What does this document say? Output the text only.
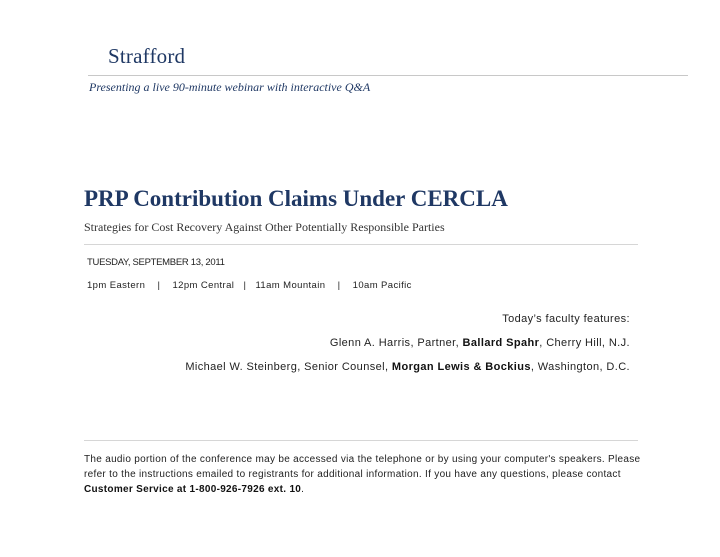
Strafford
Presenting a live 90-minute webinar with interactive Q&A
PRP Contribution Claims Under CERCLA
Strategies for Cost Recovery Against Other Potentially Responsible Parties
TUESDAY, SEPTEMBER 13, 2011
1pm Eastern | 12pm Central | 11am Mountain | 10am Pacific
Today’s faculty features:
Glenn A. Harris, Partner, Ballard Spahr, Cherry Hill, N.J.
Michael W. Steinberg, Senior Counsel, Morgan Lewis & Bockius, Washington, D.C.
The audio portion of the conference may be accessed via the telephone or by using your computer's speakers. Please refer to the instructions emailed to registrants for additional information. If you have any questions, please contact Customer Service at 1-800-926-7926 ext. 10.
